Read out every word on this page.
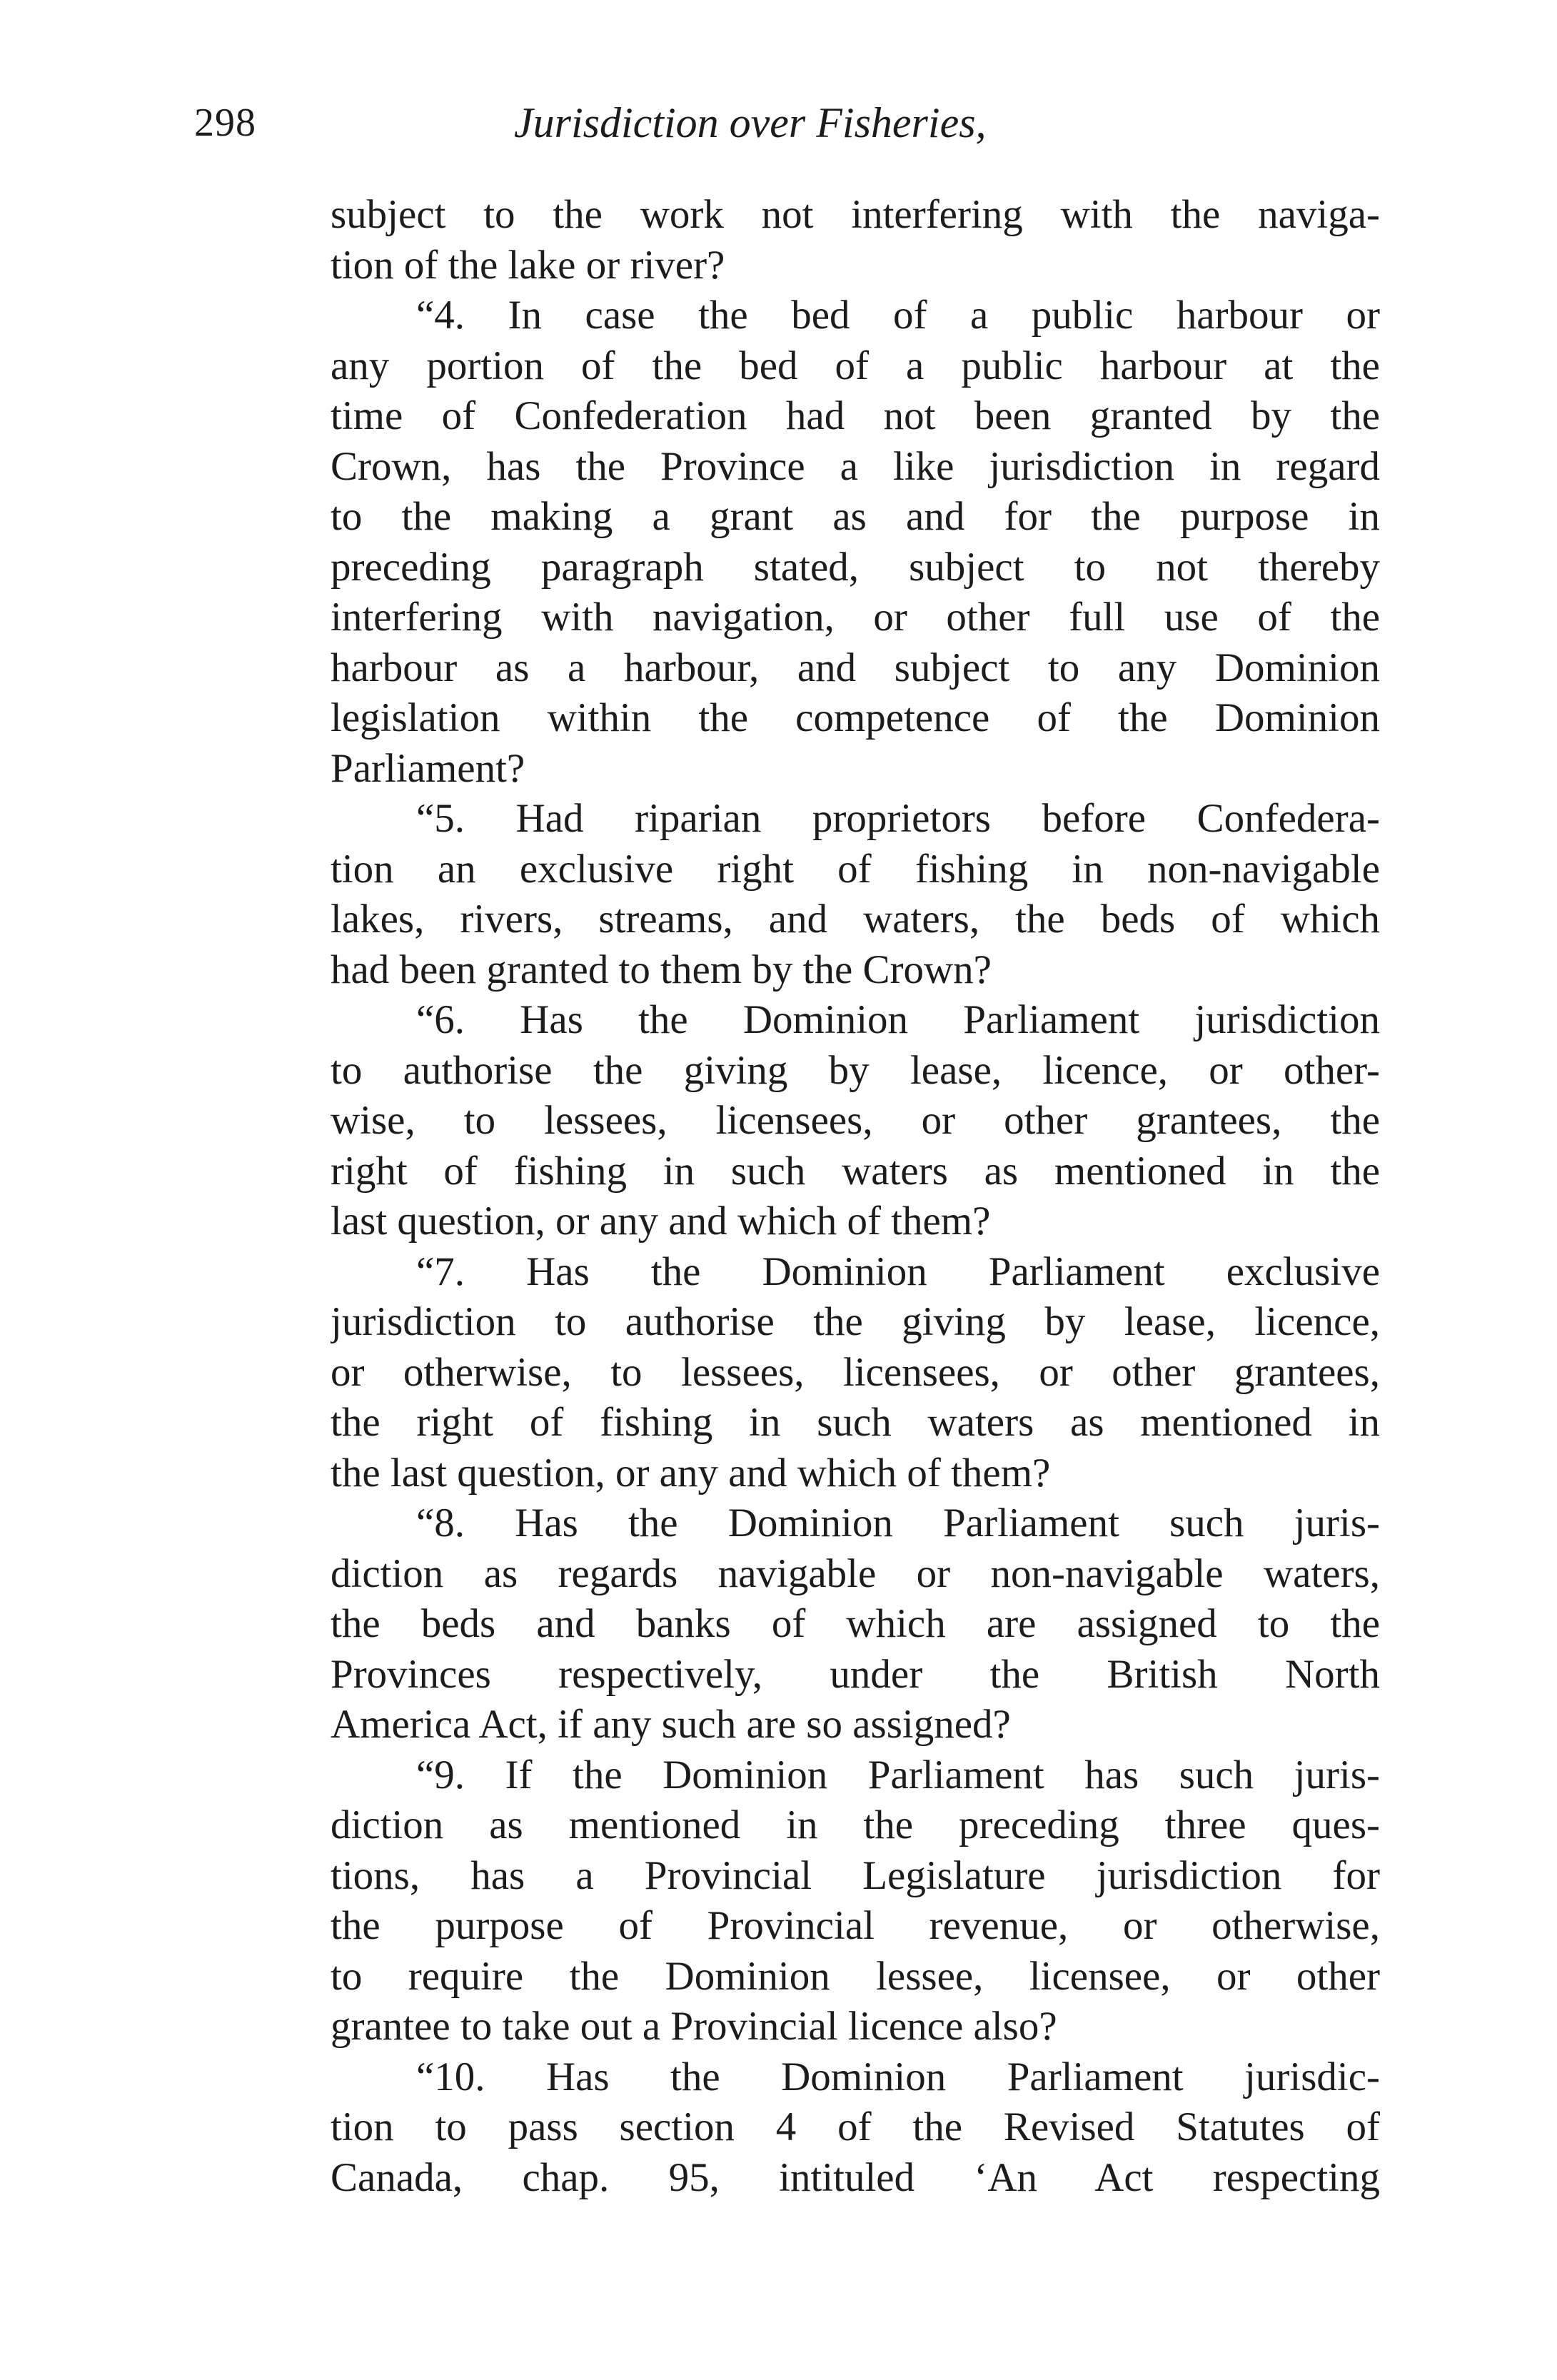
298	Jurisdiction over Fisheries,
subject to the work not interfering with the naviga-
tion of the lake or river?
“4. In case the bed of a public harbour or
any portion of the bed of a public harbour at the
time of Confederation had not been granted by the
Crown, has the Province a like jurisdiction in regard
to the making a grant as and for the purpose in
preceding paragraph stated, subject to not thereby
interfering with navigation, or other full use of the
harbour as a harbour, and subject to any Dominion
legislation within the competence of the Dominion
Parliament?
“5. Had riparian proprietors before Confedera-
tion an exclusive right of fishing in non-navigable
lakes, rivers, streams, and waters, the beds of which
had been granted to them by the Crown?
“6. Has the Dominion Parliament jurisdiction
to authorise the giving by lease, licence, or other-
wise, to lessees, licensees, or other grantees, the
right of fishing in such waters as mentioned in the
last question, or any and which of them?
“7. Has the Dominion Parliament exclusive
jurisdiction to authorise the giving by lease, licence,
or otherwise, to lessees, licensees, or other grantees,
the right of fishing in such waters as mentioned in
the last question, or any and which of them?
“8. Has the Dominion Parliament such juris-
diction as regards navigable or non-navigable waters,
the beds and banks of which are assigned to the
Provinces respectively, under the British North
America Act, if any such are so assigned?
“9. If the Dominion Parliament has such juris-
diction as mentioned in the preceding three ques-
tions, has a Provincial Legislature jurisdiction for
the purpose of Provincial revenue, or otherwise,
to require the Dominion lessee, licensee, or other
grantee to take out a Provincial licence also?
“10. Has the Dominion Parliament jurisdic-
tion to pass section 4 of the Revised Statutes of
Canada, chap. 95, intituled ‘An Act respecting
